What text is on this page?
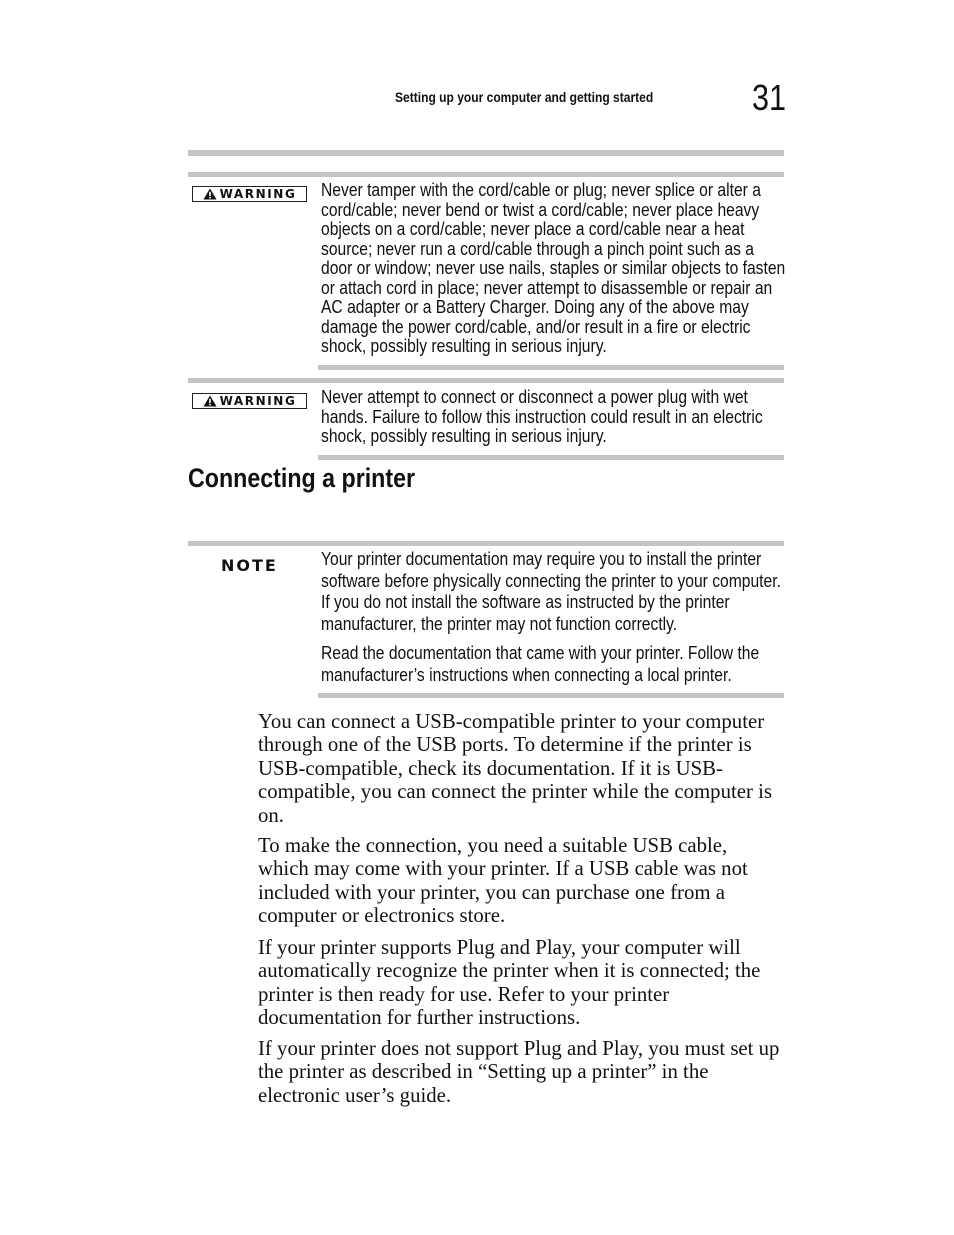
Setting up your computer and getting started	31
WARNING Never tamper with the cord/cable or plug; never splice or alter a cord/cable; never bend or twist a cord/cable; never place heavy objects on a cord/cable; never place a cord/cable near a heat source; never run a cord/cable through a pinch point such as a door or window; never use nails, staples or similar objects to fasten or attach cord in place; never attempt to disassemble or repair an AC adapter or a Battery Charger. Doing any of the above may damage the power cord/cable, and/or result in a fire or electric shock, possibly resulting in serious injury.

WARNING Never attempt to connect or disconnect a power plug with wet hands. Failure to follow this instruction could result in an electric shock, possibly resulting in serious injury.

Connecting a printer
NOTE Your printer documentation may require you to install the printer software before physically connecting the printer to your computer. If you do not install the software as instructed by the printer manufacturer, the printer may not function correctly.

Read the documentation that came with your printer. Follow the manufacturer’s instructions when connecting a local printer.

You can connect a USB-compatible printer to your computer through one of the USB ports. To determine if the printer is USB-compatible, check its documentation. If it is USB-compatible, you can connect the printer while the computer is on.

To make the connection, you need a suitable USB cable, which may come with your printer. If a USB cable was not included with your printer, you can purchase one from a computer or electronics store.

If your printer supports Plug and Play, your computer will automatically recognize the printer when it is connected; the printer is then ready for use. Refer to your printer documentation for further instructions.

If your printer does not support Plug and Play, you must set up the printer as described in “Setting up a printer” in the electronic user’s guide.
